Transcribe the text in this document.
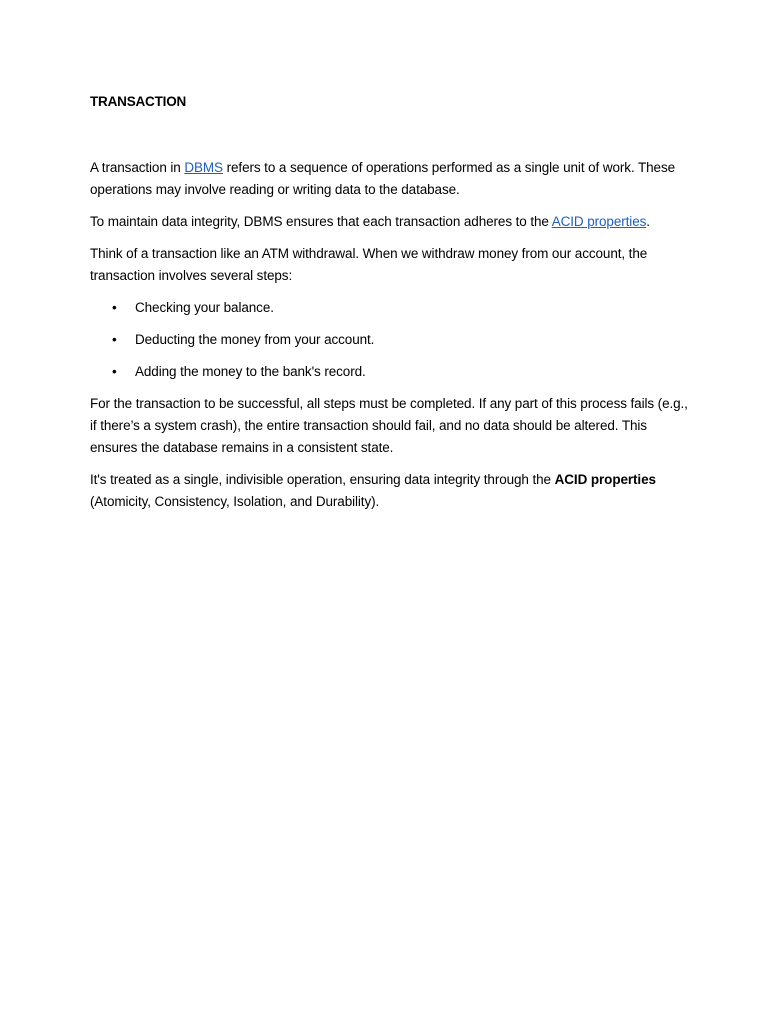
TRANSACTION

A transaction in DBMS refers to a sequence of operations performed as a single unit of work. These operations may involve reading or writing data to the database.

To maintain data integrity, DBMS ensures that each transaction adheres to the ACID properties.

Think of a transaction like an ATM withdrawal. When we withdraw money from our account, the transaction involves several steps:

• Checking your balance.
• Deducting the money from your account.
• Adding the money to the bank's record.

For the transaction to be successful, all steps must be completed. If any part of this process fails (e.g., if there’s a system crash), the entire transaction should fail, and no data should be altered. This ensures the database remains in a consistent state.

It's treated as a single, indivisible operation, ensuring data integrity through the ACID properties (Atomicity, Consistency, Isolation, and Durability).
